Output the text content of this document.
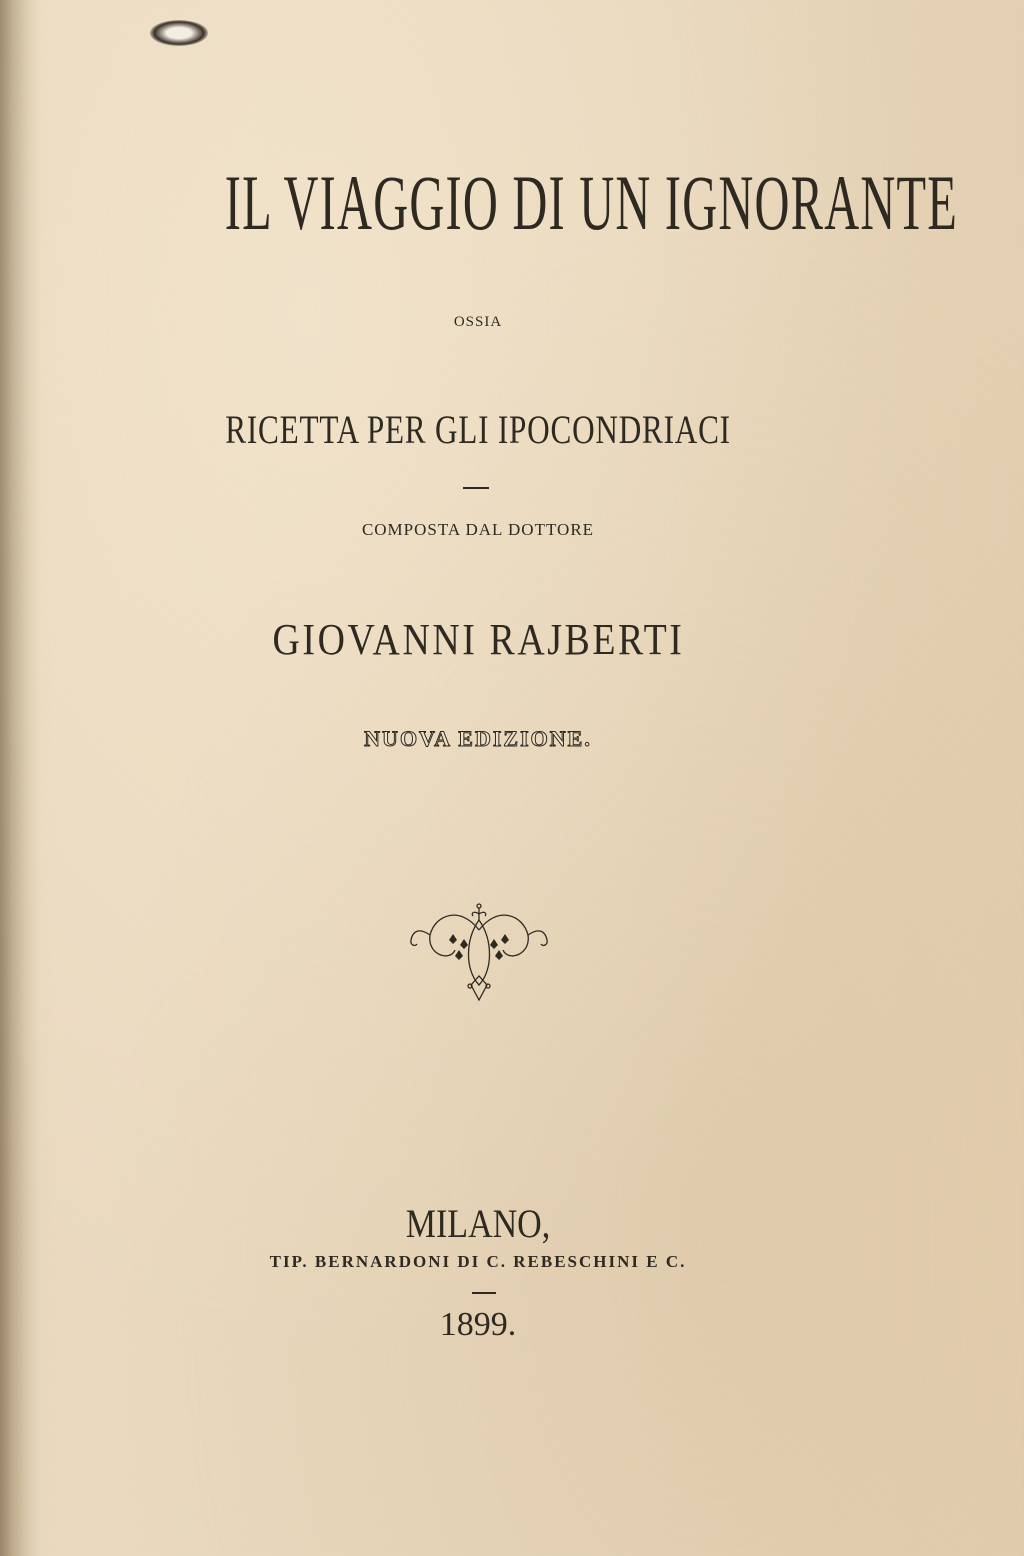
IL VIAGGIO DI UN IGNORANTE
OSSIA
RICETTA PER GLI IPOCONDRIACI
COMPOSTA DAL DOTTORE
GIOVANNI RAJBERTI
NUOVA EDIZIONE.
MILANO,
TIP. BERNARDONI DI C. REBESCHINI E C.
1899.
